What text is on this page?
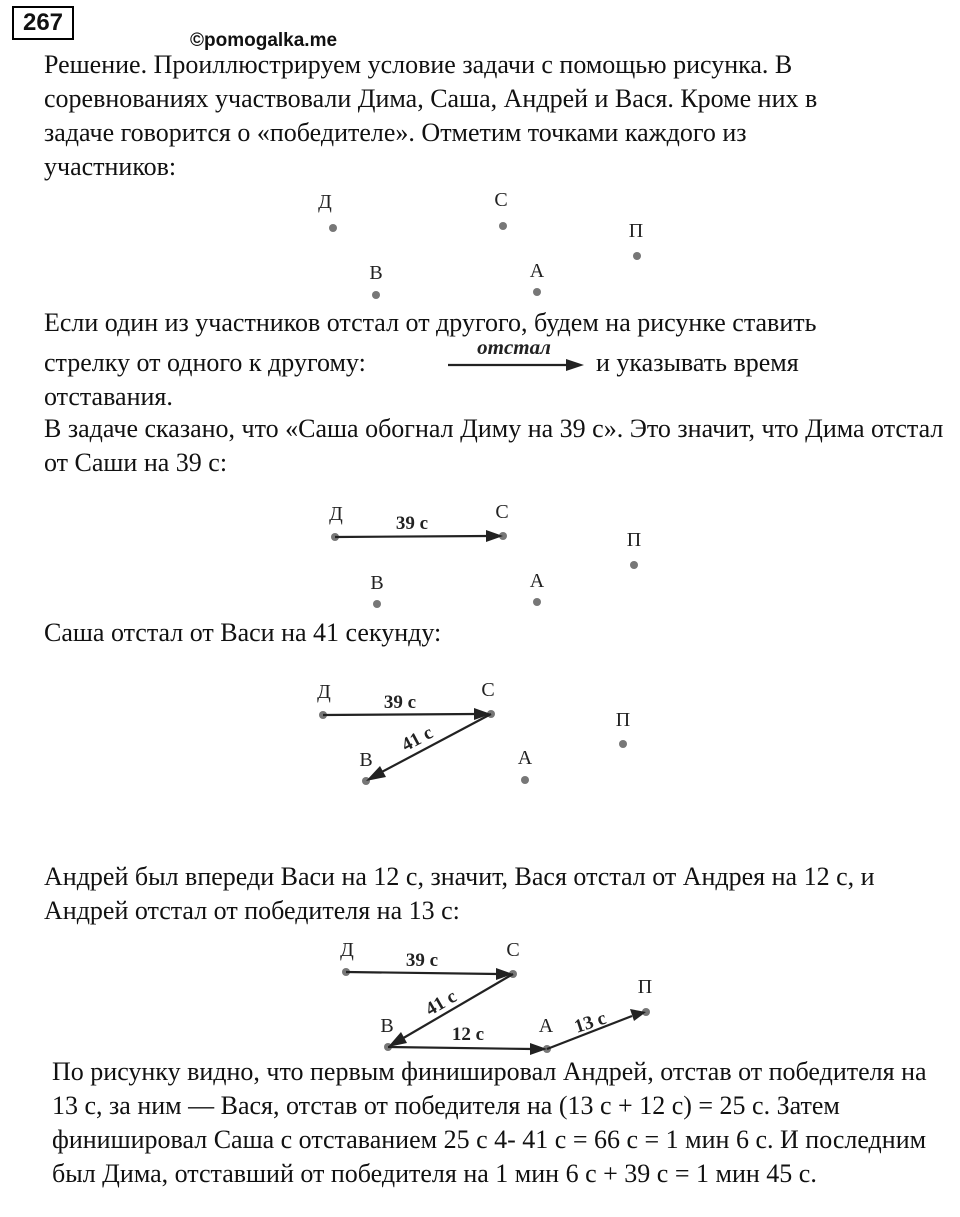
267
©pomogalka.me

Решение. Проиллюстрируем условие задачи с помощью рисунка. В соревнованиях участвовали Дима, Саша, Андрей и Вася. Кроме них в задаче говорится о «победителе». Отметим точками каждого из участников:

Д	С
П
В	А
Если один из участников отстал от другого, будем на рисунке ставить
стрелку от одного к другому:
отстал
и указывать время
отставания.

В задаче сказано, что «Саша обогнал Диму на 39 с». Это значит, что Дима отстал от Саши на 39 с:

Д	С
П
В	А
39 с
Саша отстал от Васи на 41 секунду:
Д	С
П
В	А
39 с
41 с

Андрей был впереди Васи на 12 с, значит, Вася отстал от Андрея на 12 с, и Андрей отстал от победителя на 13 с:

Д	С
П
В	А
39 с
41 с
12 с	13 с

По рисунку видно, что первым финишировал Андрей, отстав от победителя на 13 с, за ним — Вася, отстав от победителя на (13 с + 12 с) = 25 с. Затем финишировал Саша с отставанием 25 с 4- 41 с = 66 с = 1 мин 6 с. И последним был Дима, отставший от победителя на 1 мин 6 с + 39 с = 1 мин 45 с.
